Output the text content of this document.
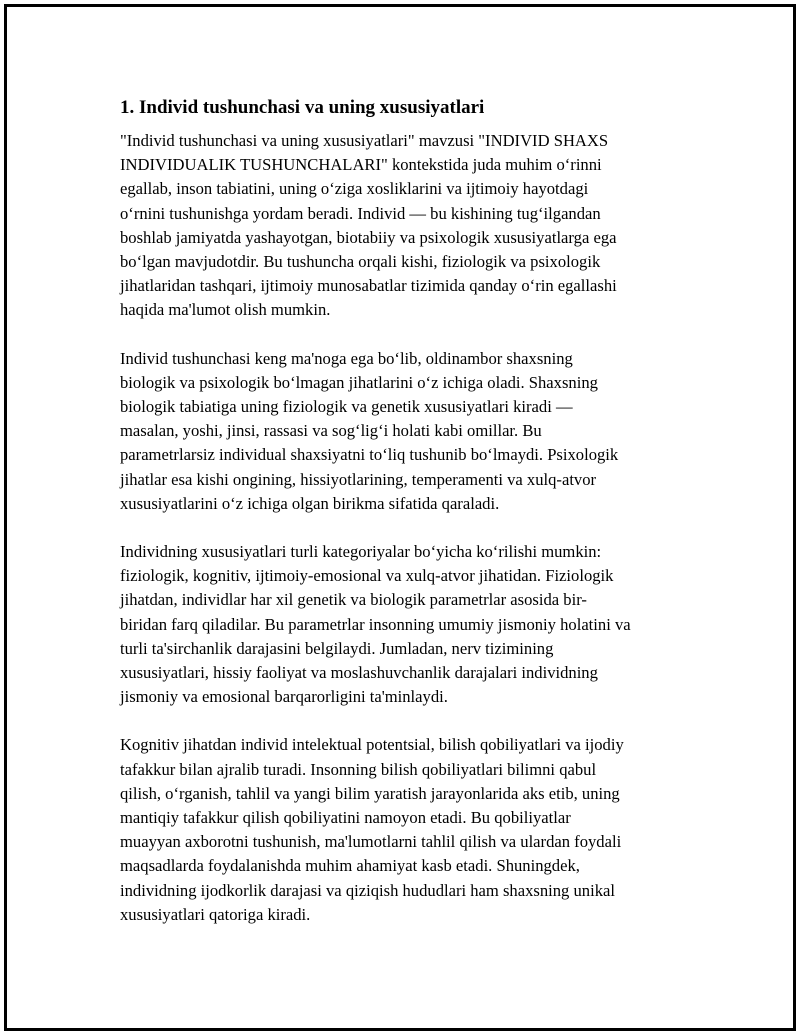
1. Individ tushunchasi va uning xususiyatlari

"Individ tushunchasi va uning xususiyatlari" mavzusi "INDIVID SHAXS
INDIVIDUALIK TUSHUNCHALARI" kontekstida juda muhim o‘rinni
egallab, inson tabiatini, uning o‘ziga xosliklarini va ijtimoiy hayotdagi
o‘rnini tushunishga yordam beradi. Individ — bu kishining tug‘ilgandan
boshlab jamiyatda yashayotgan, biotabiiy va psixologik xususiyatlarga ega
bo‘lgan mavjudotdir. Bu tushuncha orqali kishi, fiziologik va psixologik
jihatlaridan tashqari, ijtimoiy munosabatlar tizimida qanday o‘rin egallashi
haqida ma'lumot olish mumkin.

Individ tushunchasi keng ma'noga ega bo‘lib, oldinambor shaxsning
biologik va psixologik bo‘lmagan jihatlarini o‘z ichiga oladi. Shaxsning
biologik tabiatiga uning fiziologik va genetik xususiyatlari kiradi —
masalan, yoshi, jinsi, rassasi va sog‘lig‘i holati kabi omillar. Bu
parametrlarsiz individual shaxsiyatni to‘liq tushunib bo‘lmaydi. Psixologik
jihatlar esa kishi ongining, hissiyotlarining, temperamenti va xulq-atvor
xususiyatlarini o‘z ichiga olgan birikma sifatida qaraladi.

Individning xususiyatlari turli kategoriyalar bo‘yicha ko‘rilishi mumkin:
fiziologik, kognitiv, ijtimoiy-emosional va xulq-atvor jihatidan. Fiziologik
jihatdan, individlar har xil genetik va biologik parametrlar asosida bir-
biridan farq qiladilar. Bu parametrlar insonning umumiy jismoniy holatini va
turli ta'sirchanlik darajasini belgilaydi. Jumladan, nerv tizimining
xususiyatlari, hissiy faoliyat va moslashuvchanlik darajalari individning
jismoniy va emosional barqarorligini ta'minlaydi.

Kognitiv jihatdan individ intelektual potentsial, bilish qobiliyatlari va ijodiy
tafakkur bilan ajralib turadi. Insonning bilish qobiliyatlari bilimni qabul
qilish, o‘rganish, tahlil va yangi bilim yaratish jarayonlarida aks etib, uning
mantiqiy tafakkur qilish qobiliyatini namoyon etadi. Bu qobiliyatlar
muayyan axborotni tushunish, ma'lumotlarni tahlil qilish va ulardan foydali
maqsadlarda foydalanishda muhim ahamiyat kasb etadi. Shuningdek,
individning ijodkorlik darajasi va qiziqish hududlari ham shaxsning unikal
xususiyatlari qatoriga kiradi.
